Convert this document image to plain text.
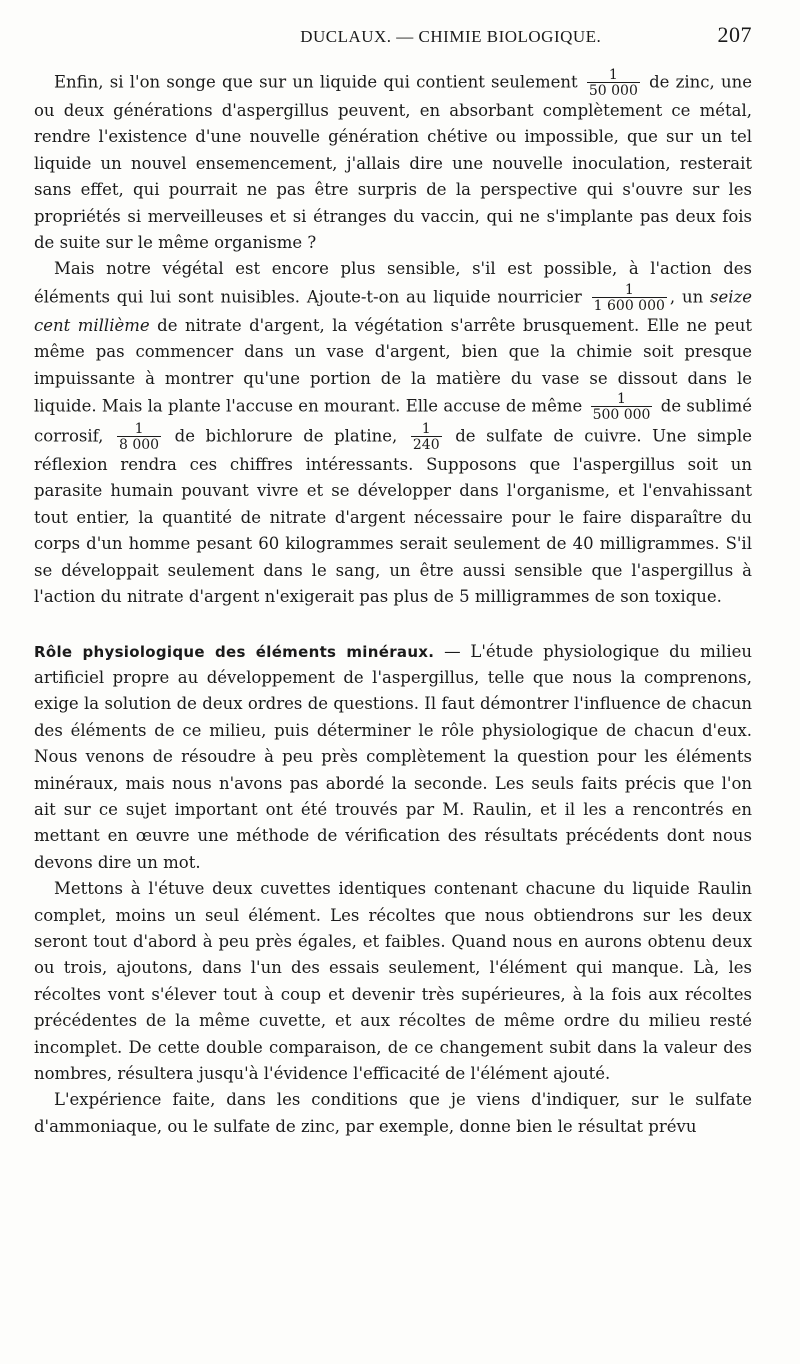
DUCLAUX. — CHIMIE BIOLOGIQUE.	207

Enfin, si l'on songe que sur un liquide qui contient seulement $\frac{1}{50 000}$ de zinc, une ou deux générations d'aspergillus peuvent, en absorbant complètement ce métal, rendre l'existence d'une nouvelle génération chétive ou impossible, que sur un tel liquide un nouvel ensemencement, j'allais dire une nouvelle inoculation, resterait sans effet, qui pourrait ne pas être surpris de la perspective qui s'ouvre sur les propriétés si merveilleuses et si étranges du vaccin, qui ne s'implante pas deux fois de suite sur le même organisme ?

Mais notre végétal est encore plus sensible, s'il est possible, à l'action des éléments qui lui sont nuisibles. Ajoute-t-on au liquide nourricier $\frac{1}{1 600 000}$ , un seize cent millième de nitrate d'argent, la végétation s'arrête brusquement. Elle ne peut même pas commencer dans un vase d'argent, bien que la chimie soit presque impuissante à montrer qu'une portion de la matière du vase se dissout dans le liquide. Mais la plante l'accuse en mourant. Elle accuse de même $\frac{1}{500 000}$ de sublimé corrosif, $\frac{1}{8 000}$ de bichlorure de platine, $\frac{1}{240}$ de sulfate de cuivre. Une simple réflexion rendra ces chiffres intéressants. Supposons que l'aspergillus soit un parasite humain pouvant vivre et se développer dans l'organisme, et l'envahissant tout entier, la quantité de nitrate d'argent nécessaire pour le faire disparaître du corps d'un homme pesant 60 kilogrammes serait seulement de 40 milligrammes. S'il se développait seulement dans le sang, un être aussi sensible que l'aspergillus à l'action du nitrate d'argent n'exigerait pas plus de 5 milligrammes de son toxique.

Rôle physiologique des éléments minéraux. — L'étude physiologique du milieu artificiel propre au développement de l'aspergillus, telle que nous la comprenons, exige la solution de deux ordres de questions. Il faut démontrer l'influence de chacun des éléments de ce milieu, puis déterminer le rôle physiologique de chacun d'eux. Nous venons de résoudre à peu près complètement la question pour les éléments minéraux, mais nous n'avons pas abordé la seconde. Les seuls faits précis que l'on ait sur ce sujet important ont été trouvés par M. Raulin, et il les a rencontrés en mettant en œuvre une méthode de vérification des résultats précédents dont nous devons dire un mot.

Mettons à l'étuve deux cuvettes identiques contenant chacune du liquide Raulin complet, moins un seul élément. Les récoltes que nous obtiendrons sur les deux seront tout d'abord à peu près égales, et faibles. Quand nous en aurons obtenu deux ou trois, ajoutons, dans l'un des essais seulement, l'élément qui manque. Là, les récoltes vont s'élever tout à coup et devenir très supérieures, à la fois aux récoltes précédentes de la même cuvette, et aux récoltes de même ordre du milieu resté incomplet. De cette double comparaison, de ce changement subit dans la valeur des nombres, résultera jusqu'à l'évidence l'efficacité de l'élément ajouté.

L'expérience faite, dans les conditions que je viens d'indiquer, sur le sulfate d'ammoniaque, ou le sulfate de zinc, par exemple, donne bien le résultat prévu
